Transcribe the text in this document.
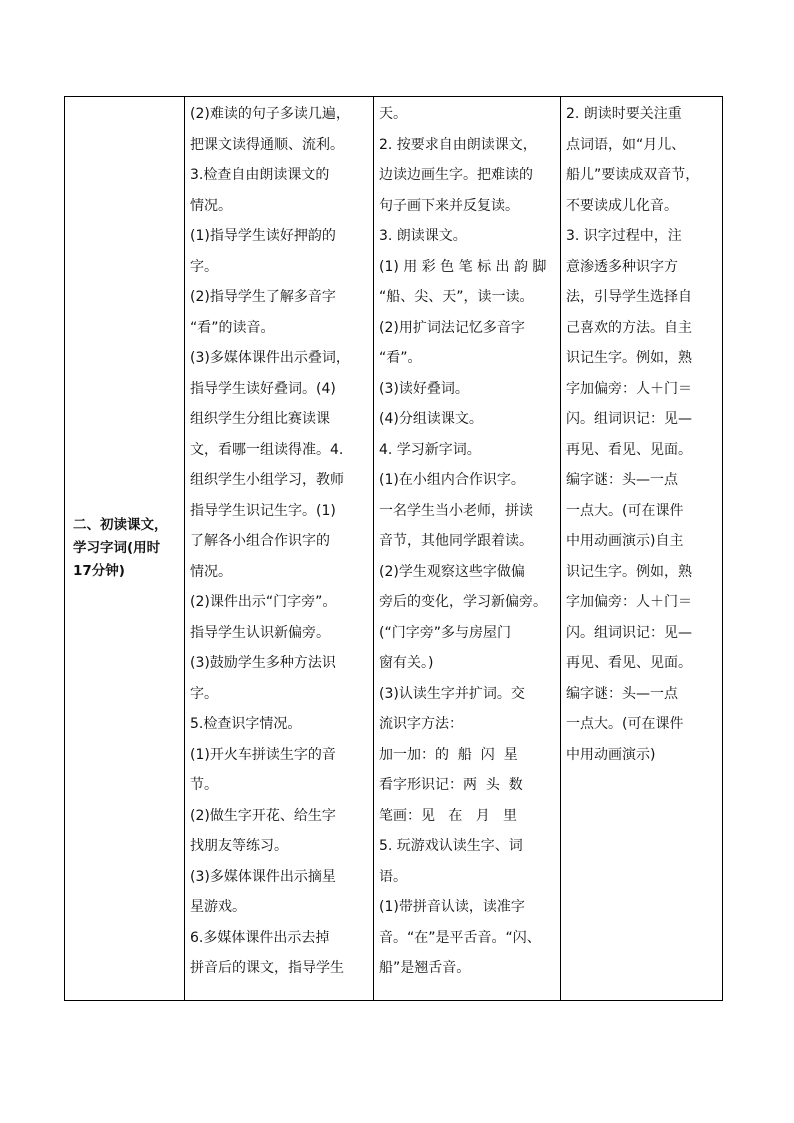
二、初读课文，
学习字词(用时
17分钟)

(2)难读的句子多读几遍，
把课文读得通顺、流利。
3.检查自由朗读课文的
情况。
(1)指导学生读好押韵的
字。
(2)指导学生了解多音字
“看”的读音。
(3)多媒体课件出示叠词，
指导学生读好叠词。(4)
组织学生分组比赛读课
文，看哪一组读得准。4.
组织学生小组学习，教师
指导学生识记生字。(1)
了解各小组合作识字的
情况。
(2)课件出示“门字旁”。
指导学生认识新偏旁。
(3)鼓励学生多种方法识
字。
5.检查识字情况。
(1)开火车拼读生字的音
节。
(2)做生字开花、给生字
找朋友等练习。
(3)多媒体课件出示摘星
星游戏。
6.多媒体课件出示去掉
拼音后的课文，指导学生

天。
2. 按要求自由朗读课文，
边读边画生字。把难读的
句子画下来并反复读。
3. 朗读课文。
(1) 用 彩 色 笔 标 出 韵 脚
“船、尖、天”，读一读。
(2)用扩词法记忆多音字
“看”。
(3)读好叠词。
(4)分组读课文。
4. 学习新字词。
(1)在小组内合作识字。
一名学生当小老师，拼读
音节，其他同学跟着读。
(2)学生观察这些字做偏
旁后的变化，学习新偏旁。
(“门字旁”多与房屋门
窗有关。)
(3)认读生字并扩词。交
流识字方法：
加一加：的  船  闪  星
看字形识记：两  头  数
笔画：见   在   月   里
5. 玩游戏认读生字、词
语。
(1)带拼音认读，读准字
音。“在”是平舌音。“闪、
船”是翘舌音。

2. 朗读时要关注重
点词语，如“月儿、
船儿”要读成双音节，
不要读成儿化音。
3. 识字过程中，注
意渗透多种识字方
法，引导学生选择自
己喜欢的方法。自主
识记生字。例如，熟
字加偏旁：人＋门＝
闪。组词识记：见—
再见、看见、见面。
编字谜：头—一点
一点大。(可在课件
中用动画演示)自主
识记生字。例如，熟
字加偏旁：人＋门＝
闪。组词识记：见—
再见、看见、见面。
编字谜：头—一点
一点大。(可在课件
中用动画演示)
